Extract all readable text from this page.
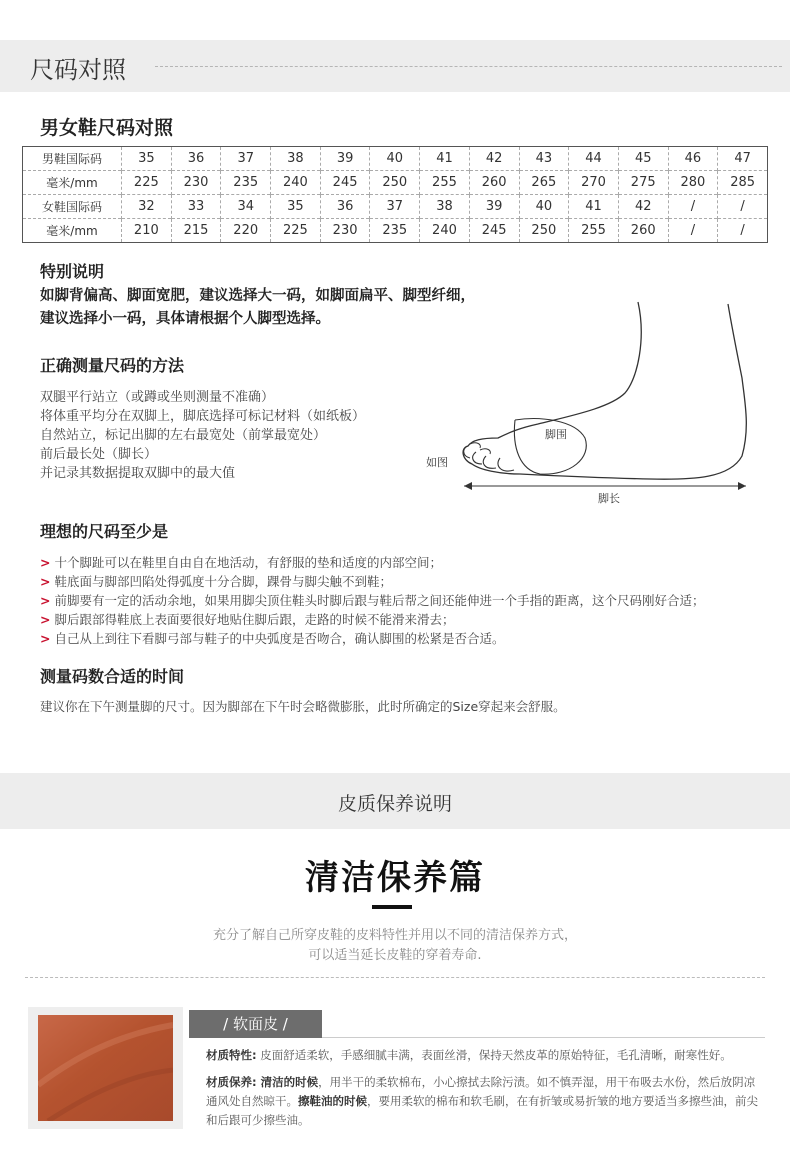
尺码对照
男女鞋尺码对照
男鞋国际码	35	36	37	38	39	40	41	42	43	44	45	46	47
毫米/mm	225	230	235	240	245	250	255	260	265	270	275	280	285
女鞋国际码	32	33	34	35	36	37	38	39	40	41	42	/	/
毫米/mm	210	215	220	225	230	235	240	245	250	255	260	/	/
特别说明
如脚背偏高、脚面宽肥，建议选择大一码，如脚面扁平、脚型纤细，
建议选择小一码，具体请根据个人脚型选择。
正确测量尺码的方法
双腿平行站立（或蹲或坐则测量不准确）
将体重平均分在双脚上，脚底选择可标记材料（如纸板）
自然站立，标记出脚的左右最宽处（前掌最宽处）
前后最长处（脚长）
并记录其数据提取双脚中的最大值
脚围
如图
脚长
理想的尺码至少是
> 十个脚趾可以在鞋里自由自在地活动，有舒服的垫和适度的内部空间；
> 鞋底面与脚部凹陷处得弧度十分合脚，踝骨与脚尖触不到鞋；
> 前脚要有一定的活动余地，如果用脚尖顶住鞋头时脚后跟与鞋后帮之间还能伸进一个手指的距离，这个尺码刚好合适；
> 脚后跟部得鞋底上表面要很好地贴住脚后跟，走路的时候不能滑来滑去；
> 自己从上到往下看脚弓部与鞋子的中央弧度是否吻合，确认脚围的松紧是否合适。
测量码数合适的时间
建议你在下午测量脚的尺寸。因为脚部在下午时会略微膨胀，此时所确定的Size穿起来会舒服。
皮质保养说明
清洁保养篇
充分了解自己所穿皮鞋的皮料特性并用以不同的清洁保养方式，
可以适当延长皮鞋的穿着寿命.
/ 软面皮 /
材质特性: 皮面舒适柔软，手感细腻丰满，表面丝滑，保持天然皮革的原始特征，毛孔清晰，耐寒性好。
材质保养: 清洁的时候，用半干的柔软棉布，小心擦拭去除污渍。如不慎弄湿，用干布吸去水份，然后放阴凉通风处自然晾干。擦鞋油的时候，要用柔软的棉布和软毛刷，在有折皱或易折皱的地方要适当多擦些油，前尖和后跟可少擦些油。
